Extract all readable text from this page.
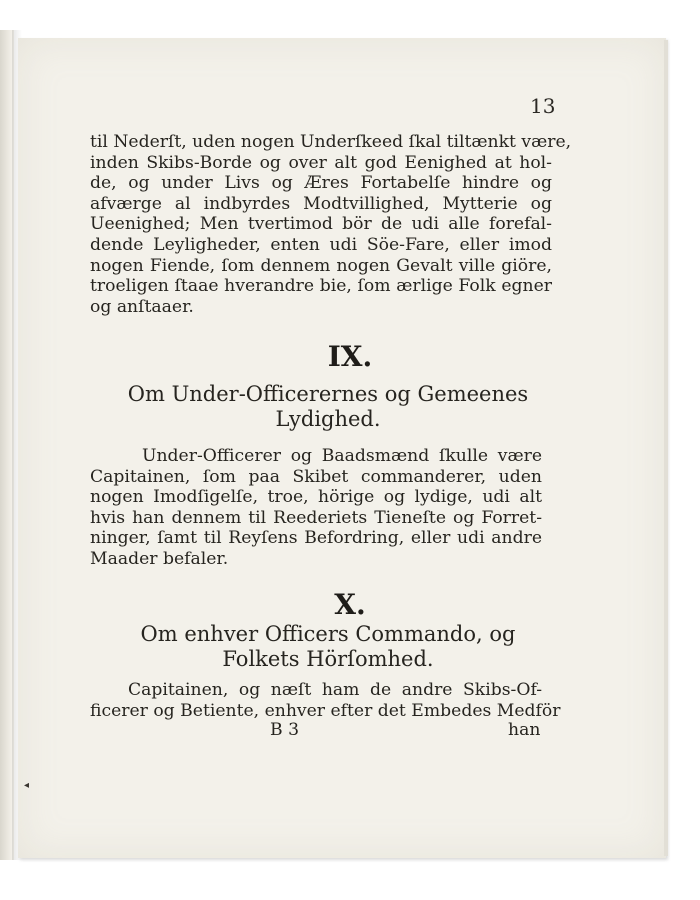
13
til Nederſt, uden nogen Underſkeed ſkal tiltænkt være,
inden Skibs-Borde og over alt god Eenighed at hol-
de, og under Livs og Æres Fortabelſe hindre og
afværge al indbyrdes Modtvillighed, Mytterie og
Ueenighed; Men tvertimod bör de udi alle forefal-
dende Leyligheder, enten udi Söe-Fare, eller imod
nogen Fiende, ſom dennem nogen Gevalt ville giöre,
troeligen ſtaae hverandre bie, ſom ærlige Folk egner
og anſtaaer.
IX.
Om Under-Officerernes og Gemeenes
Lydighed.
Under-Officerer og Baadsmænd ſkulle være
Capitainen, ſom paa Skibet commanderer, uden
nogen Imodſigelſe, troe, hörige og lydige, udi alt
hvis han dennem til Reederiets Tieneſte og Forret-
ninger, ſamt til Reyſens Befordring, eller udi andre
Maader befaler.
X.
Om enhver Officers Commando, og
Folkets Hörſomhed.
Capitainen, og næſt ham de andre Skibs-Of-
ficerer og Betiente, enhver efter det Embedes Medför
B 3	han
◂
